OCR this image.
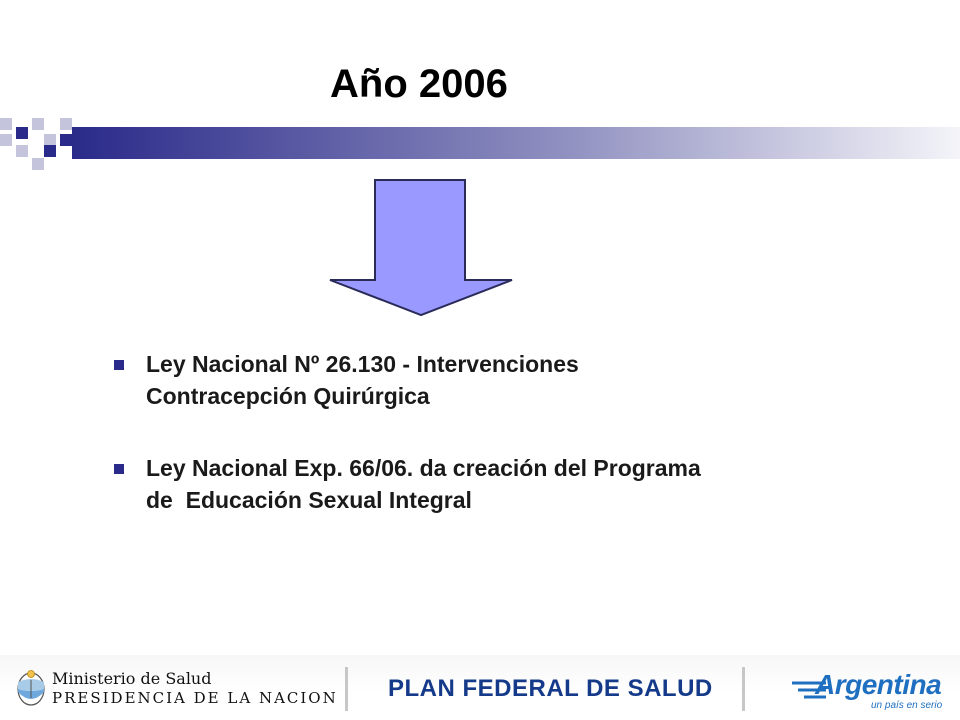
Año 2006
Ley Nacional Nº 26.130 - Intervenciones
Contracepción Quirúrgica
Ley Nacional Exp. 66/06. da creación del Programa
de  Educación Sexual Integral
Ministerio de Salud
PRESIDENCIA DE LA NACION PLAN FEDERAL DE SALUD	Argentina
un país en serio
